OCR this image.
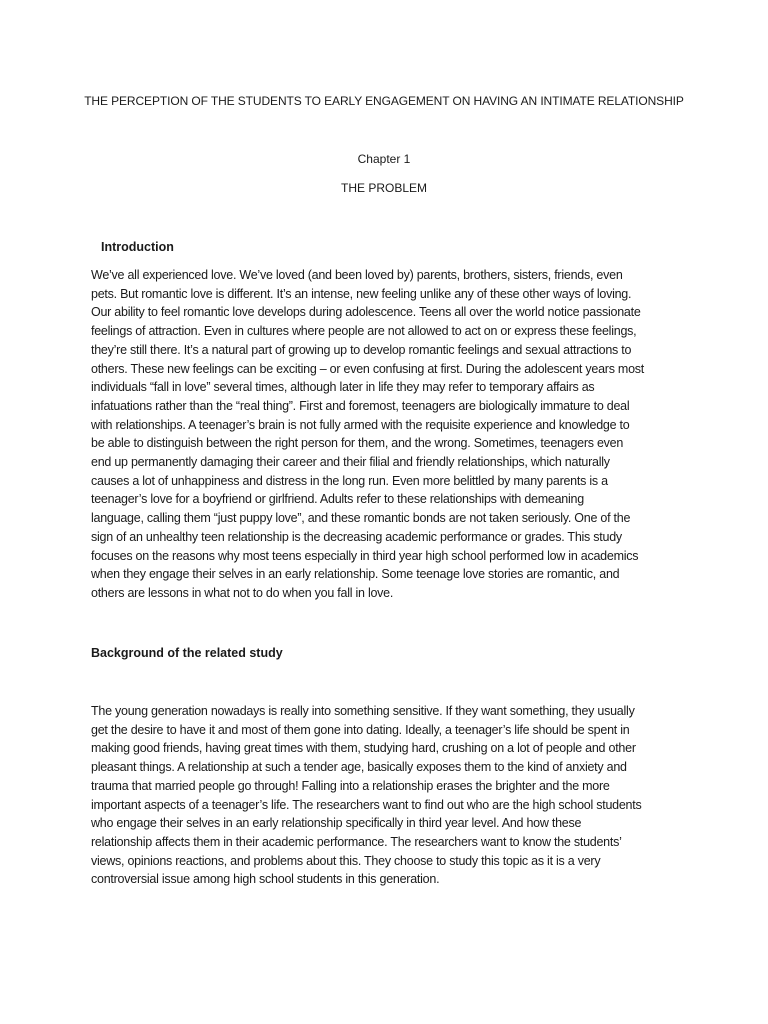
THE PERCEPTION OF THE STUDENTS TO EARLY ENGAGEMENT ON HAVING AN INTIMATE RELATIONSHIP
Chapter 1
THE PROBLEM
Introduction
We’ve all experienced love. We’ve loved (and been loved by) parents, brothers, sisters, friends, even
pets. But romantic love is different. It’s an intense, new feeling unlike any of these other ways of loving.
Our ability to feel romantic love develops during adolescence. Teens all over the world notice passionate
feelings of attraction. Even in cultures where people are not allowed to act on or express these feelings,
they’re still there. It’s a natural part of growing up to develop romantic feelings and sexual attractions to
others. These new feelings can be exciting – or even confusing at first. During the adolescent years most
individuals “fall in love” several times, although later in life they may refer to temporary affairs as
infatuations rather than the “real thing”. First and foremost, teenagers are biologically immature to deal
with relationships. A teenager’s brain is not fully armed with the requisite experience and knowledge to
be able to distinguish between the right person for them, and the wrong. Sometimes, teenagers even
end up permanently damaging their career and their filial and friendly relationships, which naturally
causes a lot of unhappiness and distress in the long run. Even more belittled by many parents is a
teenager’s love for a boyfriend or girlfriend. Adults refer to these relationships with demeaning
language, calling them “just puppy love”, and these romantic bonds are not taken seriously. One of the
sign of an unhealthy teen relationship is the decreasing academic performance or grades. This study
focuses on the reasons why most teens especially in third year high school performed low in academics
when they engage their selves in an early relationship. Some teenage love stories are romantic, and
others are lessons in what not to do when you fall in love.
Background of the related study
The young generation nowadays is really into something sensitive. If they want something, they usually
get the desire to have it and most of them gone into dating. Ideally, a teenager’s life should be spent in
making good friends, having great times with them, studying hard, crushing on a lot of people and other
pleasant things. A relationship at such a tender age, basically exposes them to the kind of anxiety and
trauma that married people go through! Falling into a relationship erases the brighter and the more
important aspects of a teenager’s life. The researchers want to find out who are the high school students
who engage their selves in an early relationship specifically in third year level. And how these
relationship affects them in their academic performance. The researchers want to know the students’
views, opinions reactions, and problems about this. They choose to study this topic as it is a very
controversial issue among high school students in this generation.
